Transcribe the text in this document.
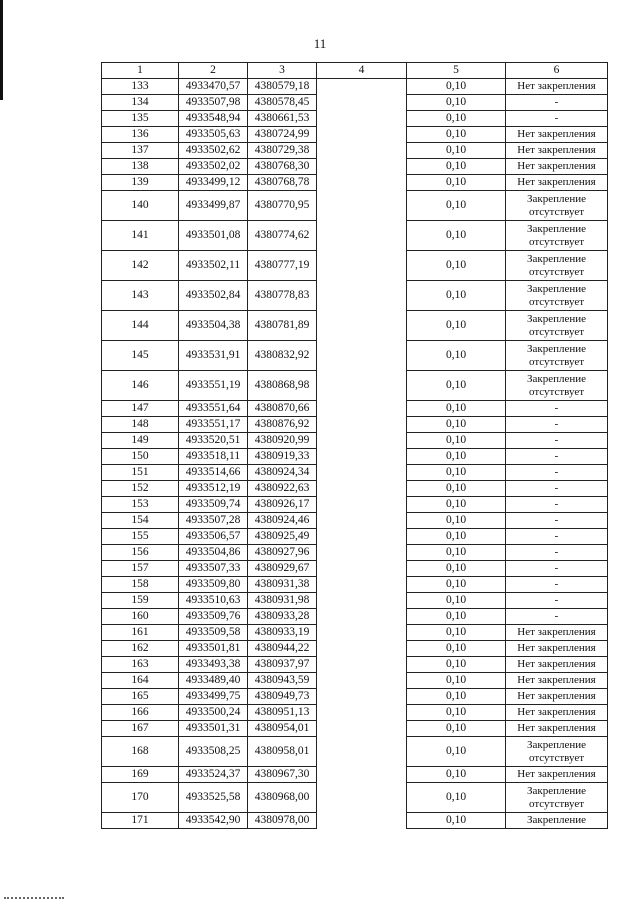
11
1	2	3	4	5	6
133	4933470,57	4380579,18		0,10	Нет закрепления
134	4933507,98	4380578,45		0,10	-
135	4933548,94	4380661,53		0,10	-
136	4933505,63	4380724,99		0,10	Нет закрепления
137	4933502,62	4380729,38		0,10	Нет закрепления
138	4933502,02	4380768,30		0,10	Нет закрепления
139	4933499,12	4380768,78		0,10	Нет закрепления
140	4933499,87	4380770,95		0,10	Закрепление отсутствует
141	4933501,08	4380774,62		0,10	Закрепление отсутствует
142	4933502,11	4380777,19		0,10	Закрепление отсутствует
143	4933502,84	4380778,83		0,10	Закрепление отсутствует
144	4933504,38	4380781,89		0,10	Закрепление отсутствует
145	4933531,91	4380832,92		0,10	Закрепление отсутствует
146	4933551,19	4380868,98		0,10	Закрепление отсутствует
147	4933551,64	4380870,66		0,10	-
148	4933551,17	4380876,92		0,10	-
149	4933520,51	4380920,99		0,10	-
150	4933518,11	4380919,33		0,10	-
151	4933514,66	4380924,34		0,10	-
152	4933512,19	4380922,63		0,10	-
153	4933509,74	4380926,17		0,10	-
154	4933507,28	4380924,46		0,10	-
155	4933506,57	4380925,49		0,10	-
156	4933504,86	4380927,96		0,10	-
157	4933507,33	4380929,67		0,10	-
158	4933509,80	4380931,38		0,10	-
159	4933510,63	4380931,98		0,10	-
160	4933509,76	4380933,28		0,10	-
161	4933509,58	4380933,19		0,10	Нет закрепления
162	4933501,81	4380944,22		0,10	Нет закрепления
163	4933493,38	4380937,97		0,10	Нет закрепления
164	4933489,40	4380943,59		0,10	Нет закрепления
165	4933499,75	4380949,73		0,10	Нет закрепления
166	4933500,24	4380951,13		0,10	Нет закрепления
167	4933501,31	4380954,01		0,10	Нет закрепления
168	4933508,25	4380958,01		0,10	Закрепление отсутствует
169	4933524,37	4380967,30		0,10	Нет закрепления
170	4933525,58	4380968,00		0,10	Закрепление отсутствует
171	4933542,90	4380978,00		0,10	Закрепление
